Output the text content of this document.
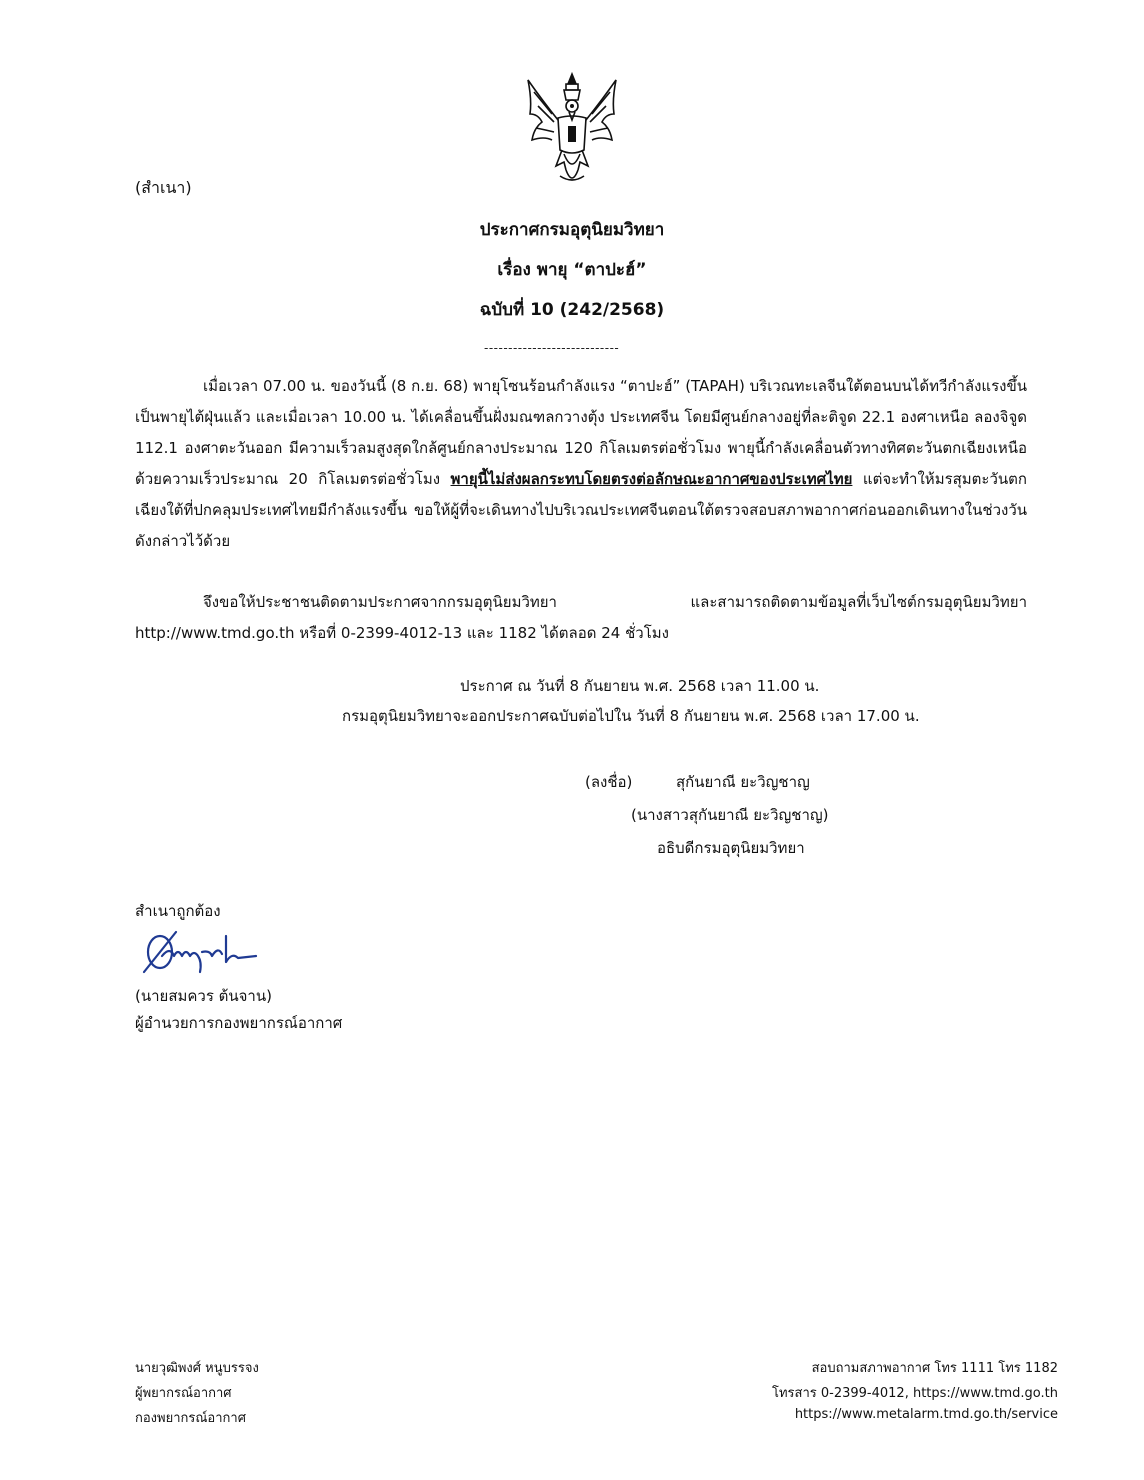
(สำเนา)
ประกาศกรมอุตุนิยมวิทยา
เรื่อง พายุ “ตาปะฮ์”
ฉบับที่ 10 (242/2568)
----------------------------
เมื่อเวลา 07.00 น. ของวันนี้ (8 ก.ย. 68) พายุโซนร้อนกำลังแรง “ตาปะฮ์” (TAPAH) บริเวณทะเลจีนใต้ตอนบนได้ทวีกำลังแรงขึ้นเป็นพายุไต้ฝุ่นแล้ว และเมื่อเวลา 10.00 น. ได้เคลื่อนขึ้นฝั่งมณฑลกวางตุ้ง ประเทศจีน โดยมีศูนย์กลางอยู่ที่ละติจูด 22.1 องศาเหนือ ลองจิจูด 112.1 องศาตะวันออก มีความเร็วลมสูงสุดใกล้ศูนย์กลางประมาณ 120 กิโลเมตรต่อชั่วโมง พายุนี้กำลังเคลื่อนตัวทางทิศตะวันตกเฉียงเหนือ ด้วยความเร็วประมาณ 20 กิโลเมตรต่อชั่วโมง พายุนี้ไม่ส่งผลกระทบโดยตรงต่อลักษณะอากาศของประเทศไทย แต่จะทำให้มรสุมตะวันตกเฉียงใต้ที่ปกคลุมประเทศไทยมีกำลังแรงขึ้น ขอให้ผู้ที่จะเดินทางไปบริเวณประเทศจีนตอนใต้ตรวจสอบสภาพอากาศก่อนออกเดินทางในช่วงวันดังกล่าวไว้ด้วย
จึงขอให้ประชาชนติดตามประกาศจากกรมอุตุนิยมวิทยา และสามารถติดตามข้อมูลที่เว็บไซต์กรมอุตุนิยมวิทยา http://www.tmd.go.th หรือที่ 0-2399-4012-13 และ 1182 ได้ตลอด 24 ชั่วโมง
ประกาศ ณ วันที่ 8 กันยายน พ.ศ. 2568 เวลา 11.00 น.
กรมอุตุนิยมวิทยาจะออกประกาศฉบับต่อไปใน วันที่ 8 กันยายน พ.ศ. 2568 เวลา 17.00 น.
(ลงชื่อ)	สุกันยาณี ยะวิญชาญ
(นางสาวสุกันยาณี ยะวิญชาญ)
อธิบดีกรมอุตุนิยมวิทยา
สำเนาถูกต้อง
(นายสมควร ต้นจาน)
ผู้อำนวยการกองพยากรณ์อากาศ
นายวุฒิพงศ์ หนูบรรจง
ผู้พยากรณ์อากาศ
กองพยากรณ์อากาศ
สอบถามสภาพอากาศ โทร 1111 โทร 1182
โทรสาร 0-2399-4012, https://www.tmd.go.th
https://www.metalarm.tmd.go.th/service
